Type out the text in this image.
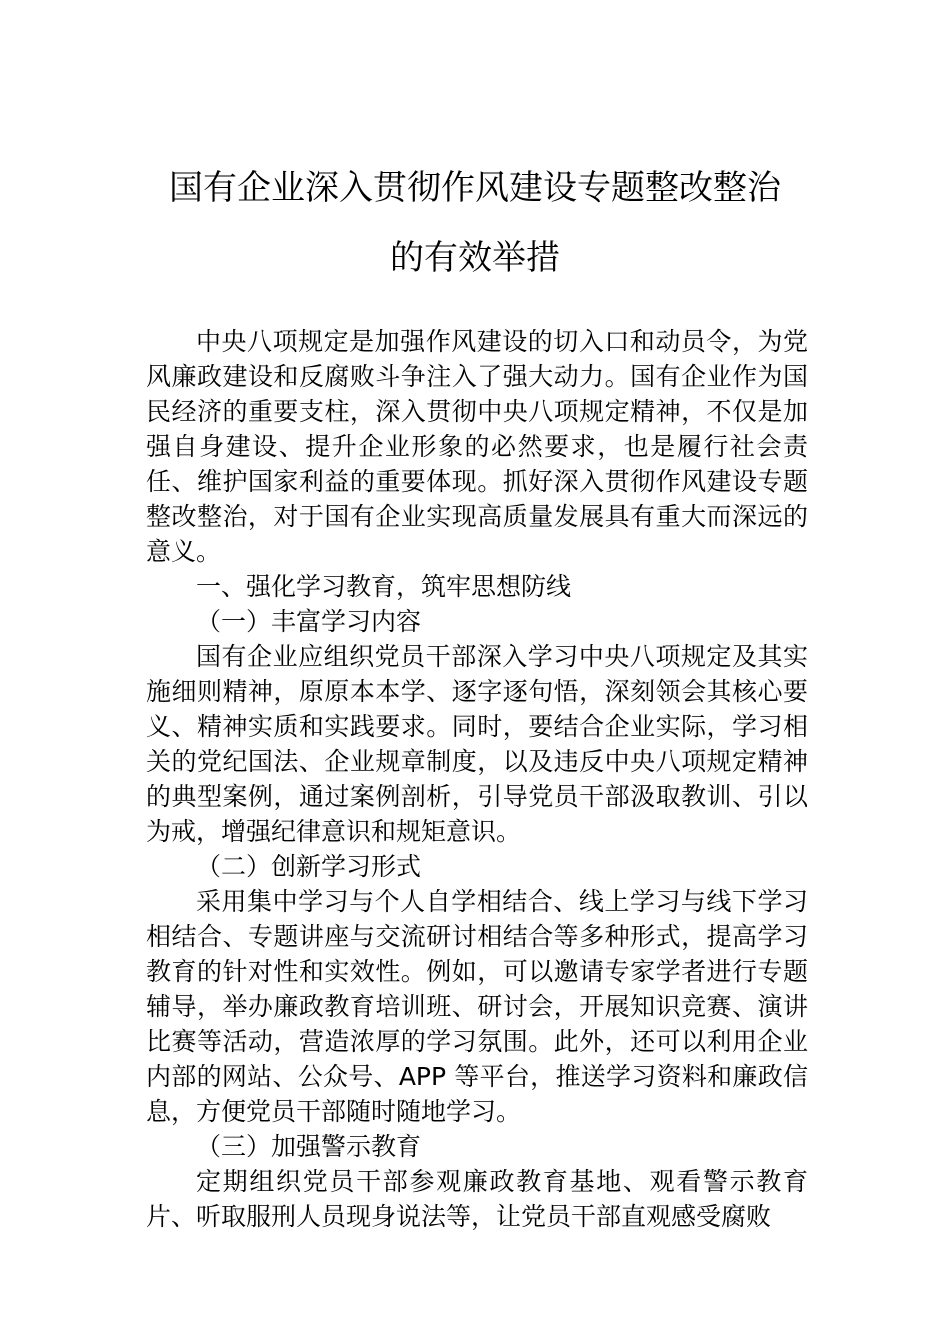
国有企业深入贯彻作风建设专题整改整治
的有效举措

中央八项规定是加强作风建设的切入口和动员令，为党风廉政建设和反腐败斗争注入了强大动力。国有企业作为国民经济的重要支柱，深入贯彻中央八项规定精神，不仅是加强自身建设、提升企业形象的必然要求，也是履行社会责任、维护国家利益的重要体现。抓好深入贯彻作风建设专题整改整治，对于国有企业实现高质量发展具有重大而深远的意义。

一、强化学习教育，筑牢思想防线

（一）丰富学习内容

国有企业应组织党员干部深入学习中央八项规定及其实施细则精神，原原本本学、逐字逐句悟，深刻领会其核心要义、精神实质和实践要求。同时，要结合企业实际，学习相关的党纪国法、企业规章制度，以及违反中央八项规定精神的典型案例，通过案例剖析，引导党员干部汲取教训、引以为戒，增强纪律意识和规矩意识。

（二）创新学习形式

采用集中学习与个人自学相结合、线上学习与线下学习相结合、专题讲座与交流研讨相结合等多种形式，提高学习教育的针对性和实效性。例如，可以邀请专家学者进行专题辅导，举办廉政教育培训班、研讨会，开展知识竞赛、演讲比赛等活动，营造浓厚的学习氛围。此外，还可以利用企业内部的网站、公众号、APP 等平台，推送学习资料和廉政信息，方便党员干部随时随地学习。

（三）加强警示教育

定期组织党员干部参观廉政教育基地、观看警示教育片、听取服刑人员现身说法等，让党员干部直观感受腐败
